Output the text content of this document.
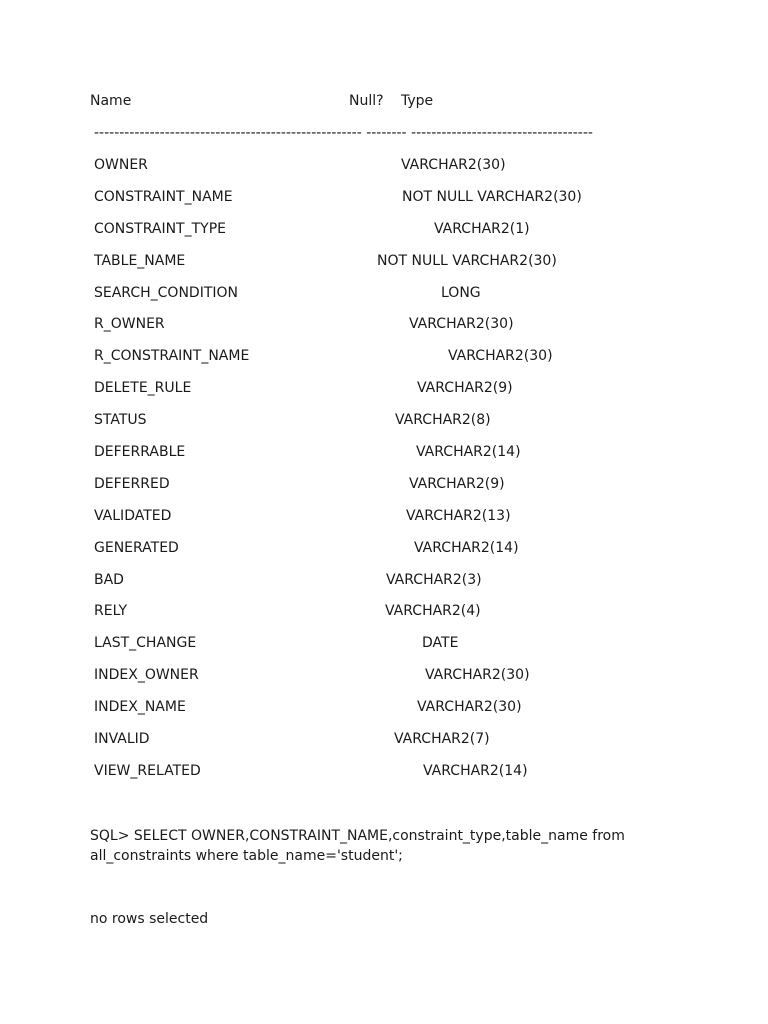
Name	Null? Type
----------------------------------------------------- -------- ------------------------------------
OWNER	VARCHAR2(30)
CONSTRAINT_NAME	NOT NULL VARCHAR2(30)
CONSTRAINT_TYPE	VARCHAR2(1)
TABLE_NAME	NOT NULL VARCHAR2(30)
SEARCH_CONDITION	LONG
R_OWNER	VARCHAR2(30)
R_CONSTRAINT_NAME	VARCHAR2(30)
DELETE_RULE	VARCHAR2(9)
STATUS	VARCHAR2(8)
DEFERRABLE	VARCHAR2(14)
DEFERRED	VARCHAR2(9)
VALIDATED	VARCHAR2(13)
GENERATED	VARCHAR2(14)
BAD	VARCHAR2(3)
RELY	VARCHAR2(4)
LAST_CHANGE	DATE
INDEX_OWNER	VARCHAR2(30)
INDEX_NAME	VARCHAR2(30)
INVALID	VARCHAR2(7)
VIEW_RELATED	VARCHAR2(14)
SQL> SELECT OWNER,CONSTRAINT_NAME,constraint_type,table_name from all_constraints where table_name='student';
no rows selected
